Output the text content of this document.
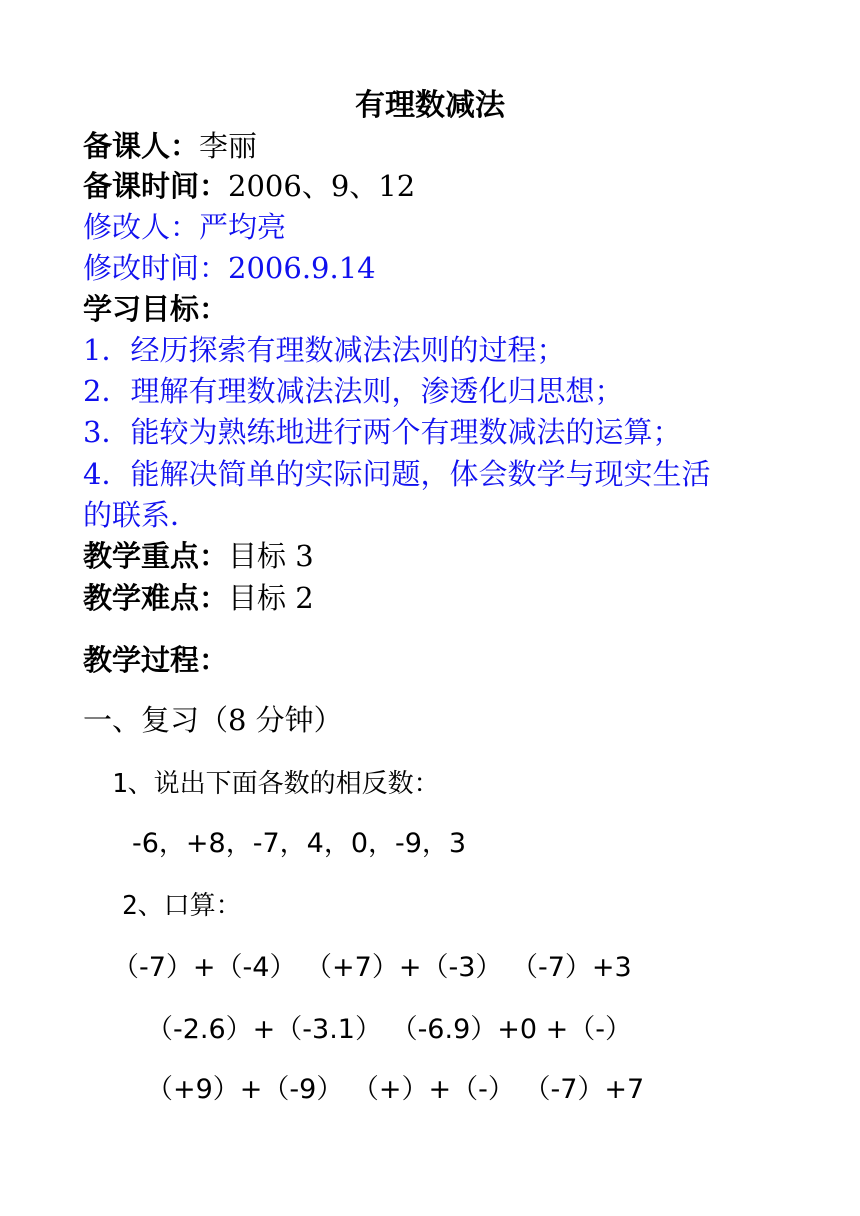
有理数减法
备课人：李丽
备课时间：2006、9、12
修改人：严均亮
修改时间：2006.9.14
学习目标：
1．经历探索有理数减法法则的过程；
2．理解有理数减法法则，渗透化归思想；
3．能较为熟练地进行两个有理数减法的运算；
4．能解决简单的实际问题，体会数学与现实生活
的联系．
教学重点：目标 3
教学难点：目标 2
教学过程：
一、复习（8 分钟）
1、说出下面各数的相反数：
-6，+8，-7，4，0，-9，3
2、口算：
（-7）+（-4） （+7）+（-3） （-7）+3
（-2.6）+（-3.1） （-6.9）+0 +（-）
（+9）+（-9） （+）+（-） （-7）+7
